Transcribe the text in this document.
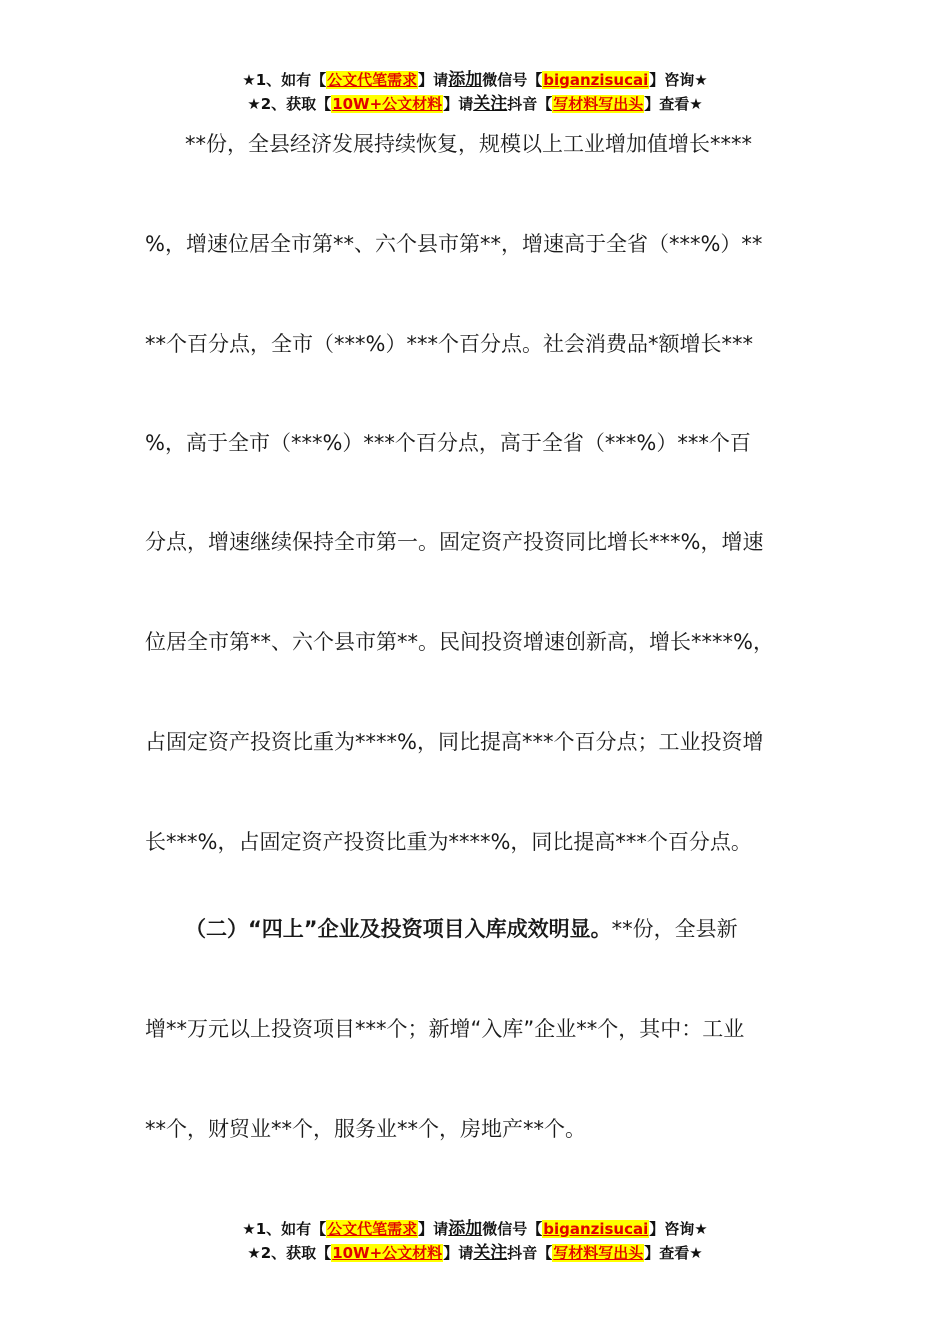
★1、如有【公文代笔需求】请添加微信号【biganzisucai】咨询★
★2、获取【10W+公文材料】请关注抖音【写材料写出头】查看★
**份，全县经济发展持续恢复，规模以上工业增加值增长****
%，增速位居全市第**、六个县市第**，增速高于全省（***%）**
**个百分点，全市（***%）***个百分点。社会消费品*额增长***
%，高于全市（***%）***个百分点，高于全省（***%）***个百
分点，增速继续保持全市第一。固定资产投资同比增长***%，增速
位居全市第**、六个县市第**。民间投资增速创新高，增长****%，
占固定资产投资比重为****%，同比提高***个百分点；工业投资增
长***%，占固定资产投资比重为****%，同比提高***个百分点。
（二）“四上”企业及投资项目入库成效明显。**份，全县新
增**万元以上投资项目***个；新增“入库”企业**个，其中：工业
**个，财贸业**个，服务业**个，房地产**个。
★1、如有【公文代笔需求】请添加微信号【biganzisucai】咨询★
★2、获取【10W+公文材料】请关注抖音【写材料写出头】查看★
